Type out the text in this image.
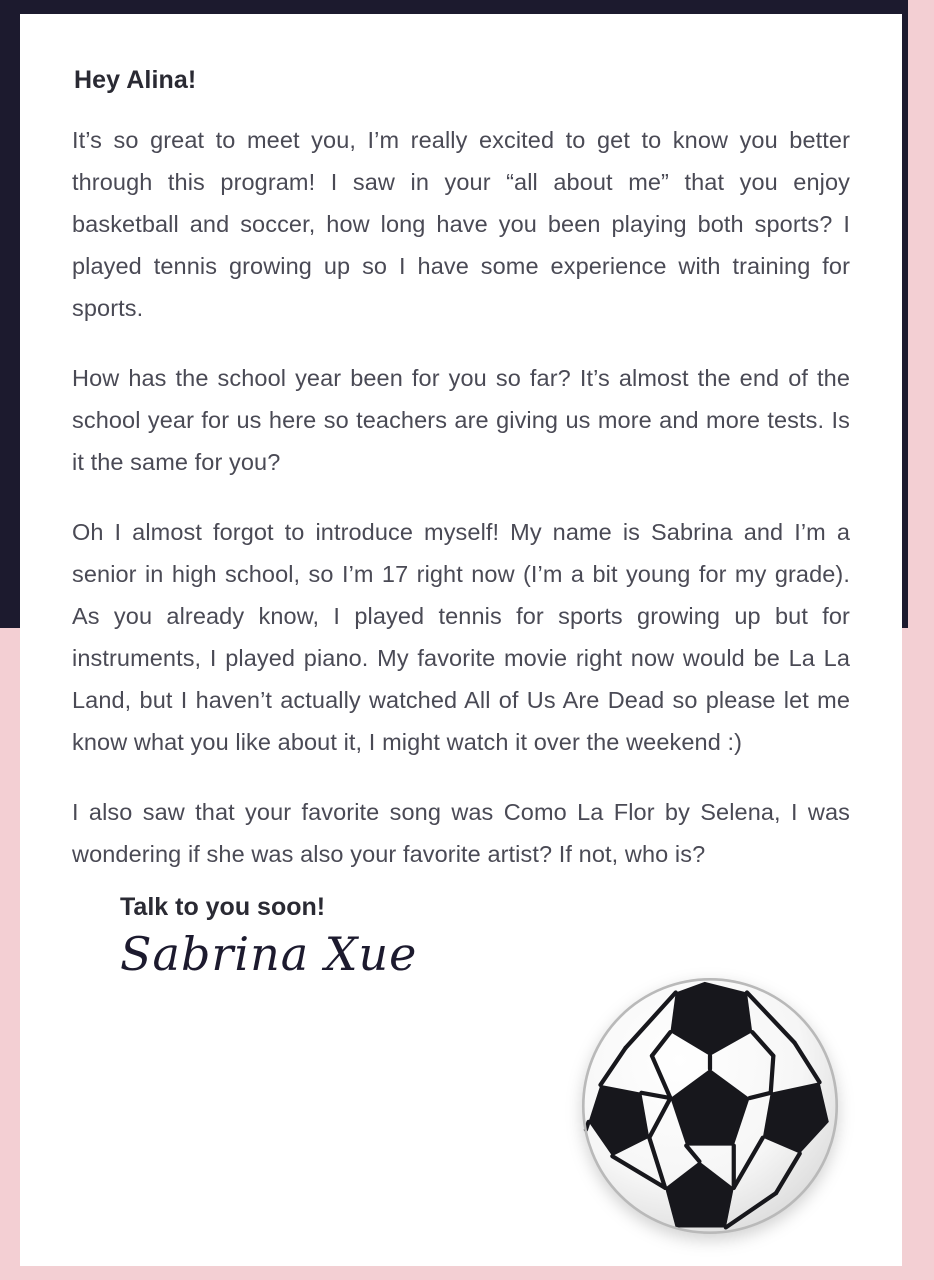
Hey Alina!

It’s so great to meet you, I’m really excited to get to know you better through this program! I saw in your “all about me” that you enjoy basketball and soccer, how long have you been playing both sports? I played tennis growing up so I have some experience with training for sports.

How has the school year been for you so far? It’s almost the end of the school year for us here so teachers are giving us more and more tests. Is it the same for you?

Oh I almost forgot to introduce myself! My name is Sabrina and I’m a senior in high school, so I’m 17 right now (I’m a bit young for my grade). As you already know, I played tennis for sports growing up but for instruments, I played piano. My favorite movie right now would be La La Land, but I haven’t actually watched All of Us Are Dead so please let me know what you like about it, I might watch it over the weekend :)

I also saw that your favorite song was Como La Flor by Selena, I was wondering if she was also your favorite artist? If not, who is?

Talk to you soon!
Sabrina Xue
